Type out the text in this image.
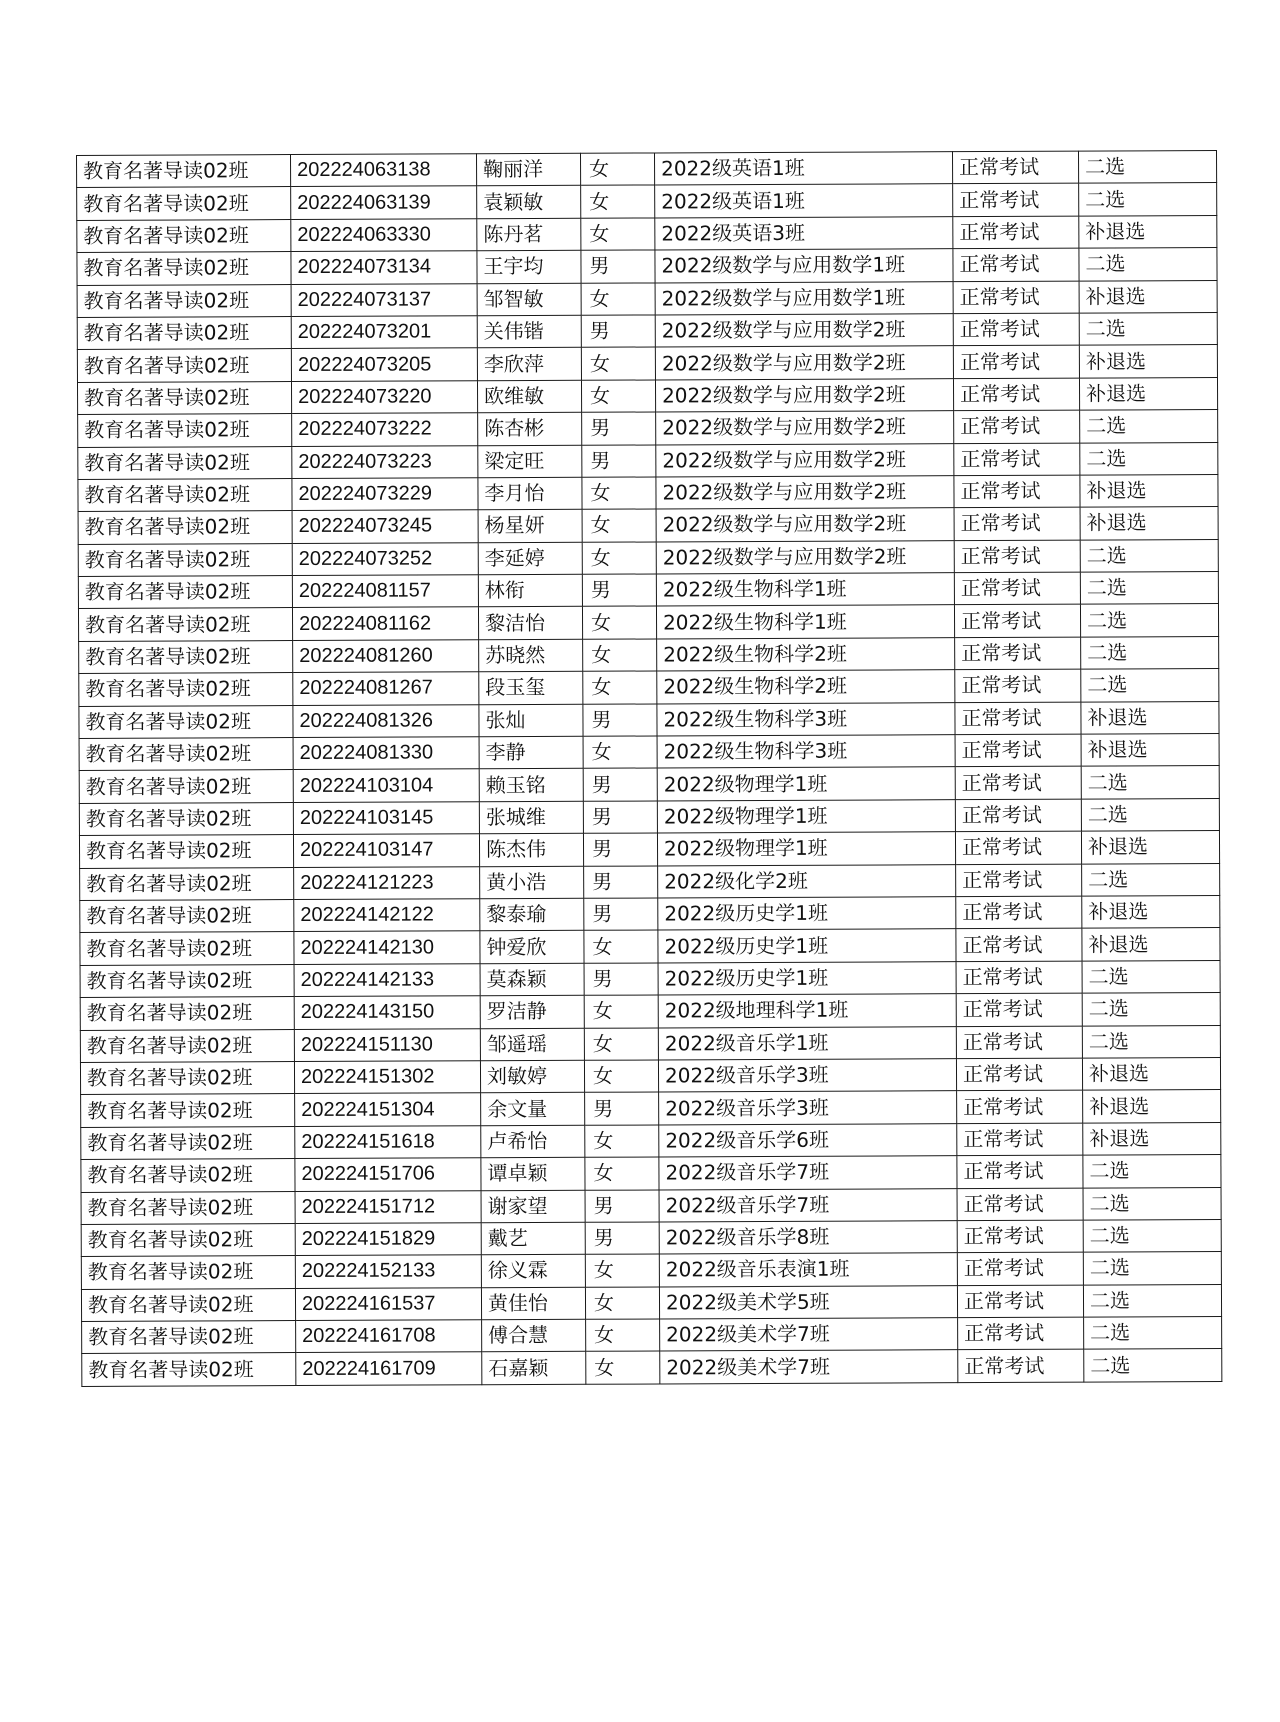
教育名著导读02班	202224063138	鞠丽洋	女	2022级英语1班	正常考试	二选
教育名著导读02班	202224063139	袁颖敏	女	2022级英语1班	正常考试	二选
教育名著导读02班	202224063330	陈丹茗	女	2022级英语3班	正常考试	补退选
教育名著导读02班	202224073134	王宇均	男	2022级数学与应用数学1班	正常考试	二选
教育名著导读02班	202224073137	邹智敏	女	2022级数学与应用数学1班	正常考试	补退选
教育名著导读02班	202224073201	关伟锴	男	2022级数学与应用数学2班	正常考试	二选
教育名著导读02班	202224073205	李欣萍	女	2022级数学与应用数学2班	正常考试	补退选
教育名著导读02班	202224073220	欧维敏	女	2022级数学与应用数学2班	正常考试	补退选
教育名著导读02班	202224073222	陈杏彬	男	2022级数学与应用数学2班	正常考试	二选
教育名著导读02班	202224073223	梁定旺	男	2022级数学与应用数学2班	正常考试	二选
教育名著导读02班	202224073229	李月怡	女	2022级数学与应用数学2班	正常考试	补退选
教育名著导读02班	202224073245	杨星妍	女	2022级数学与应用数学2班	正常考试	补退选
教育名著导读02班	202224073252	李延婷	女	2022级数学与应用数学2班	正常考试	二选
教育名著导读02班	202224081157	林衔	男	2022级生物科学1班	正常考试	二选
教育名著导读02班	202224081162	黎洁怡	女	2022级生物科学1班	正常考试	二选
教育名著导读02班	202224081260	苏晓然	女	2022级生物科学2班	正常考试	二选
教育名著导读02班	202224081267	段玉玺	女	2022级生物科学2班	正常考试	二选
教育名著导读02班	202224081326	张灿	男	2022级生物科学3班	正常考试	补退选
教育名著导读02班	202224081330	李静	女	2022级生物科学3班	正常考试	补退选
教育名著导读02班	202224103104	赖玉铭	男	2022级物理学1班	正常考试	二选
教育名著导读02班	202224103145	张城维	男	2022级物理学1班	正常考试	二选
教育名著导读02班	202224103147	陈杰伟	男	2022级物理学1班	正常考试	补退选
教育名著导读02班	202224121223	黄小浩	男	2022级化学2班	正常考试	二选
教育名著导读02班	202224142122	黎泰瑜	男	2022级历史学1班	正常考试	补退选
教育名著导读02班	202224142130	钟爱欣	女	2022级历史学1班	正常考试	补退选
教育名著导读02班	202224142133	莫森颖	男	2022级历史学1班	正常考试	二选
教育名著导读02班	202224143150	罗洁静	女	2022级地理科学1班	正常考试	二选
教育名著导读02班	202224151130	邹遥瑶	女	2022级音乐学1班	正常考试	二选
教育名著导读02班	202224151302	刘敏婷	女	2022级音乐学3班	正常考试	补退选
教育名著导读02班	202224151304	余文量	男	2022级音乐学3班	正常考试	补退选
教育名著导读02班	202224151618	卢希怡	女	2022级音乐学6班	正常考试	补退选
教育名著导读02班	202224151706	谭卓颖	女	2022级音乐学7班	正常考试	二选
教育名著导读02班	202224151712	谢家望	男	2022级音乐学7班	正常考试	二选
教育名著导读02班	202224151829	戴艺	男	2022级音乐学8班	正常考试	二选
教育名著导读02班	202224152133	徐义霖	女	2022级音乐表演1班	正常考试	二选
教育名著导读02班	202224161537	黄佳怡	女	2022级美术学5班	正常考试	二选
教育名著导读02班	202224161708	傅合慧	女	2022级美术学7班	正常考试	二选
教育名著导读02班	202224161709	石嘉颖	女	2022级美术学7班	正常考试	二选
